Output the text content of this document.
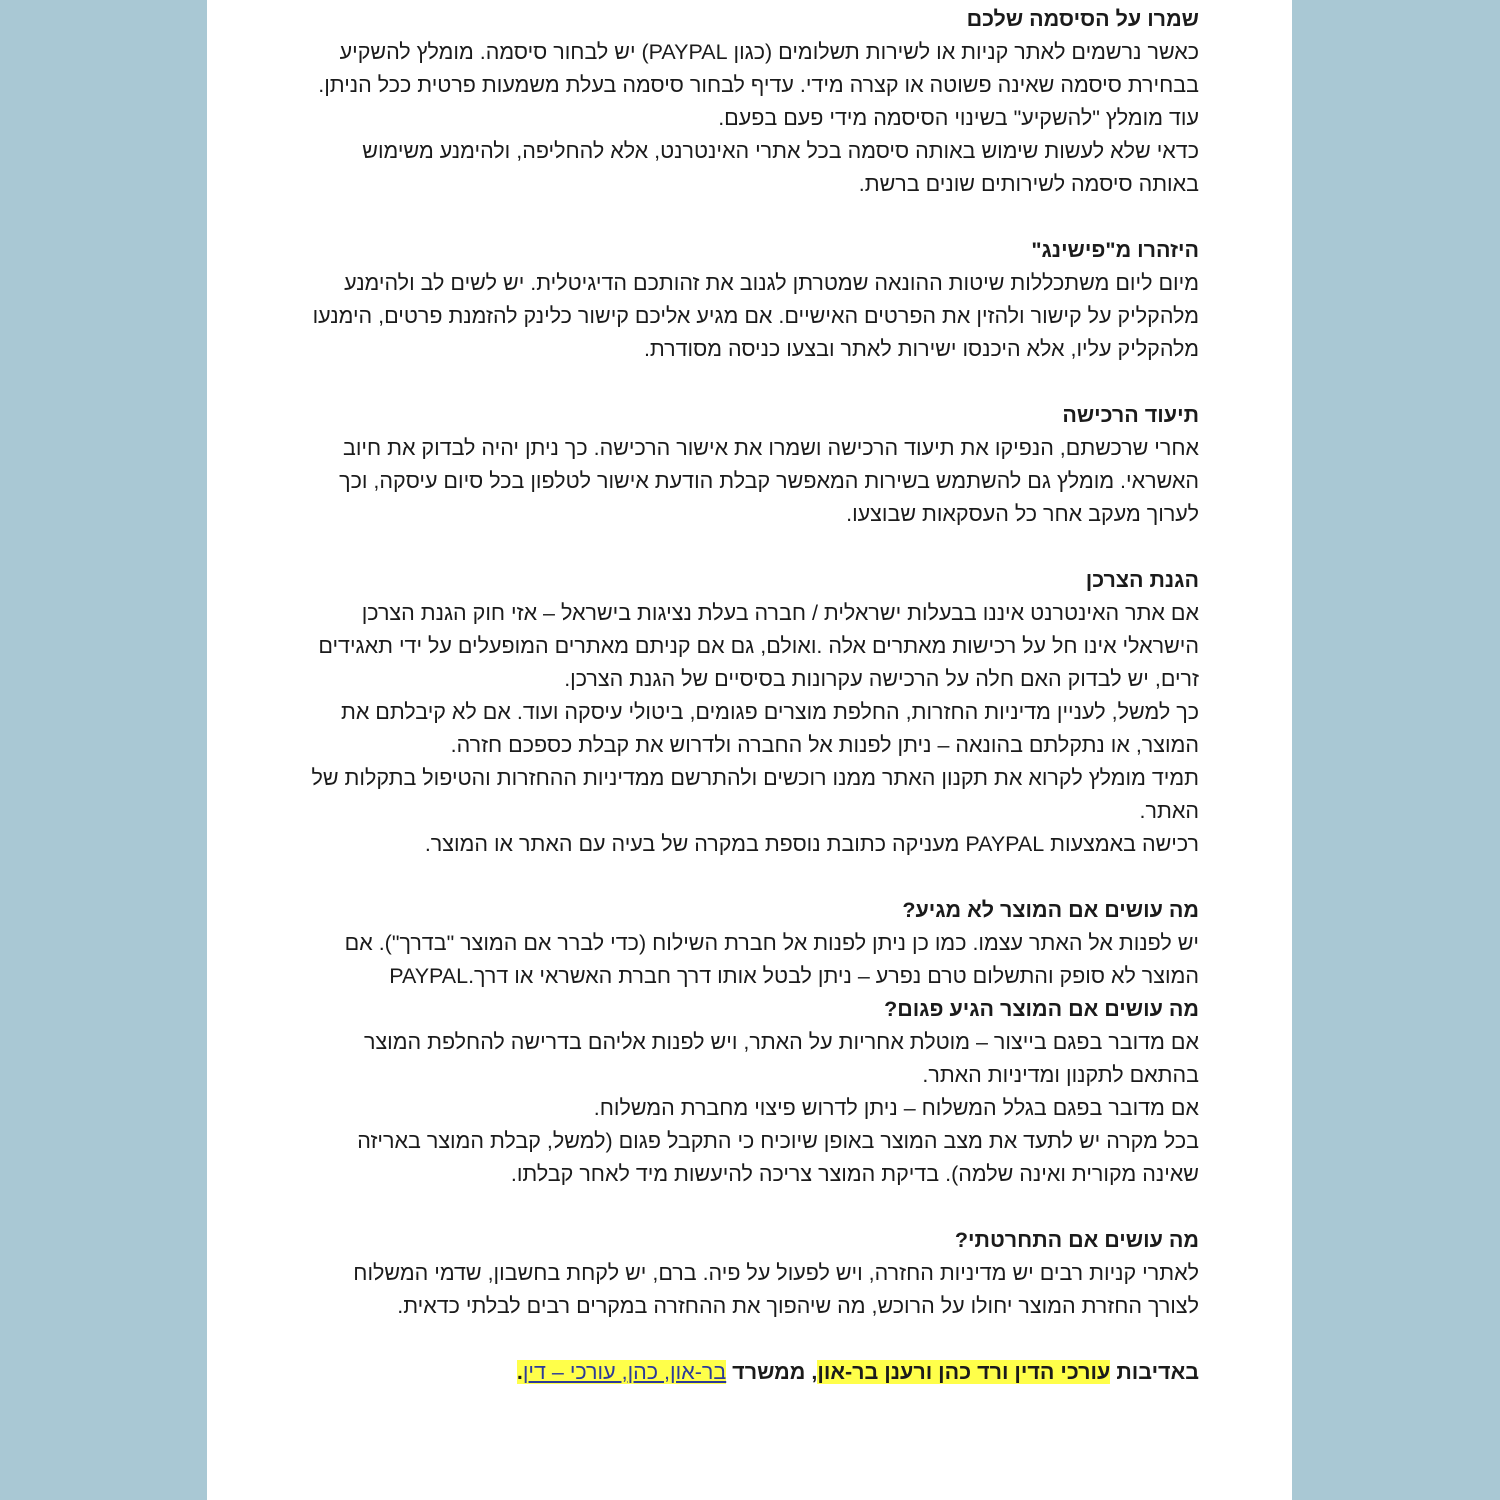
שמרו על הסיסמה שלכם

כאשר נרשמים לאתר קניות או לשירות תשלומים (כגון PAYPAL) יש לבחור סיסמה. מומלץ להשקיע בבחירת סיסמה שאינה פשוטה או קצרה מידי. עדיף לבחור סיסמה בעלת משמעות פרטית ככל הניתן. עוד מומלץ "להשקיע" בשינוי הסיסמה מידי פעם בפעם.

כדאי שלא לעשות שימוש באותה סיסמה בכל אתרי האינטרנט, אלא להחליפה, ולהימנע משימוש באותה סיסמה לשירותים שונים ברשת.

היזהרו מ"פישינג"

מיום ליום משתכללות שיטות ההונאה שמטרתן לגנוב את זהותכם הדיגיטלית. יש לשים לב ולהימנע מלהקליק על קישור ולהזין את הפרטים האישיים. אם מגיע אליכם קישור כלינק להזמנת פרטים, הימנעו מלהקליק עליו, אלא היכנסו ישירות לאתר ובצעו כניסה מסודרת.

תיעוד הרכישה

אחרי שרכשתם, הנפיקו את תיעוד הרכישה ושמרו את אישור הרכישה. כך ניתן יהיה לבדוק את חיוב האשראי. מומלץ גם להשתמש בשירות המאפשר קבלת הודעת אישור לטלפון בכל סיום עיסקה, וכך לערוך מעקב אחר כל העסקאות שבוצעו.

הגנת הצרכן

אם אתר האינטרנט איננו בבעלות ישראלית / חברה בעלת נציגות בישראל – אזי חוק הגנת הצרכן הישראלי אינו חל על רכישות מאתרים אלה .ואולם, גם אם קניתם מאתרים המופעלים על ידי תאגידים זרים, יש לבדוק האם חלה על הרכישה עקרונות בסיסיים של הגנת הצרכן.

כך למשל, לעניין מדיניות החזרות, החלפת מוצרים פגומים, ביטולי עיסקה ועוד. אם לא קיבלתם את המוצר, או נתקלתם בהונאה – ניתן לפנות אל החברה ולדרוש את קבלת כספכם חזרה.

תמיד מומלץ לקרוא את תקנון האתר ממנו רוכשים ולהתרשם ממדיניות ההחזרות והטיפול בתקלות של האתר.

רכישה באמצעות PAYPAL מעניקה כתובת נוספת במקרה של בעיה עם האתר או המוצר.

מה עושים אם המוצר לא מגיע?

יש לפנות אל האתר עצמו. כמו כן ניתן לפנות אל חברת השילוח (כדי לברר אם המוצר "בדרך"). אם המוצר לא סופק והתשלום טרם נפרע – ניתן לבטל אותו דרך חברת האשראי או דרך.PAYPAL

מה עושים אם המוצר הגיע פגום?

אם מדובר בפגם בייצור – מוטלת אחריות על האתר, ויש לפנות אליהם בדרישה להחלפת המוצר בהתאם לתקנון ומדיניות האתר.

אם מדובר בפגם בגלל המשלוח – ניתן לדרוש פיצוי מחברת המשלוח.

בכל מקרה יש לתעד את מצב המוצר באופן שיוכיח כי התקבל פגום (למשל, קבלת המוצר באריזה שאינה מקורית ואינה שלמה). בדיקת המוצר צריכה להיעשות מיד לאחר קבלתו.

מה עושים אם התחרטתי?

לאתרי קניות רבים יש מדיניות החזרה, ויש לפעול על פיה. ברם, יש לקחת בחשבון, שדמי המשלוח לצורך החזרת המוצר יחולו על הרוכש, מה שיהפוך את ההחזרה במקרים רבים לבלתי כדאית.

באדיבות עורכי הדין ורד כהן ורענן בר-און, ממשרד בר-און, כהן, עורכי – דין.
